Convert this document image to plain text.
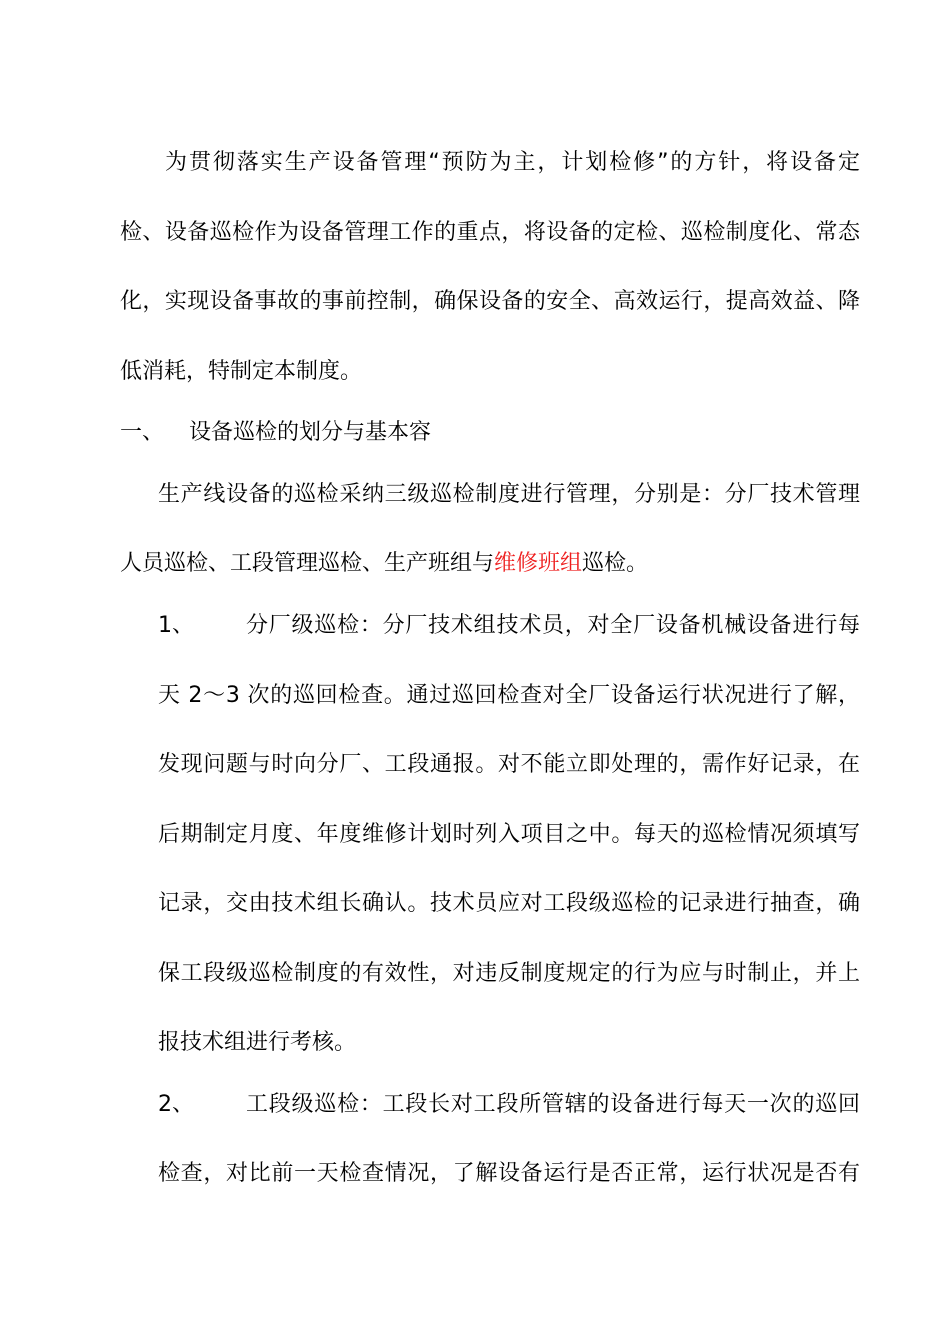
为贯彻落实生产设备管理“预防为主，计划检修”的方针，将设备定
检、设备巡检作为设备管理工作的重点，将设备的定检、巡检制度化、常态
化，实现设备事故的事前控制，确保设备的安全、高效运行，提高效益、降
低消耗，特制定本制度。
一、 设备巡检的划分与基本容
生产线设备的巡检采纳三级巡检制度进行管理，分别是：分厂技术管理
人员巡检、工段管理巡检、生产班组与维修班组巡检。
1、 分厂级巡检：分厂技术组技术员，对全厂设备机械设备进行每
天 2～3 次的巡回检查。通过巡回检查对全厂设备运行状况进行了解，
发现问题与时向分厂、工段通报。对不能立即处理的，需作好记录，在
后期制定月度、年度维修计划时列入项目之中。每天的巡检情况须填写
记录，交由技术组长确认。技术员应对工段级巡检的记录进行抽查，确
保工段级巡检制度的有效性，对违反制度规定的行为应与时制止，并上
报技术组进行考核。
2、 工段级巡检：工段长对工段所管辖的设备进行每天一次的巡回
检查，对比前一天检查情况，了解设备运行是否正常，运行状况是否有
